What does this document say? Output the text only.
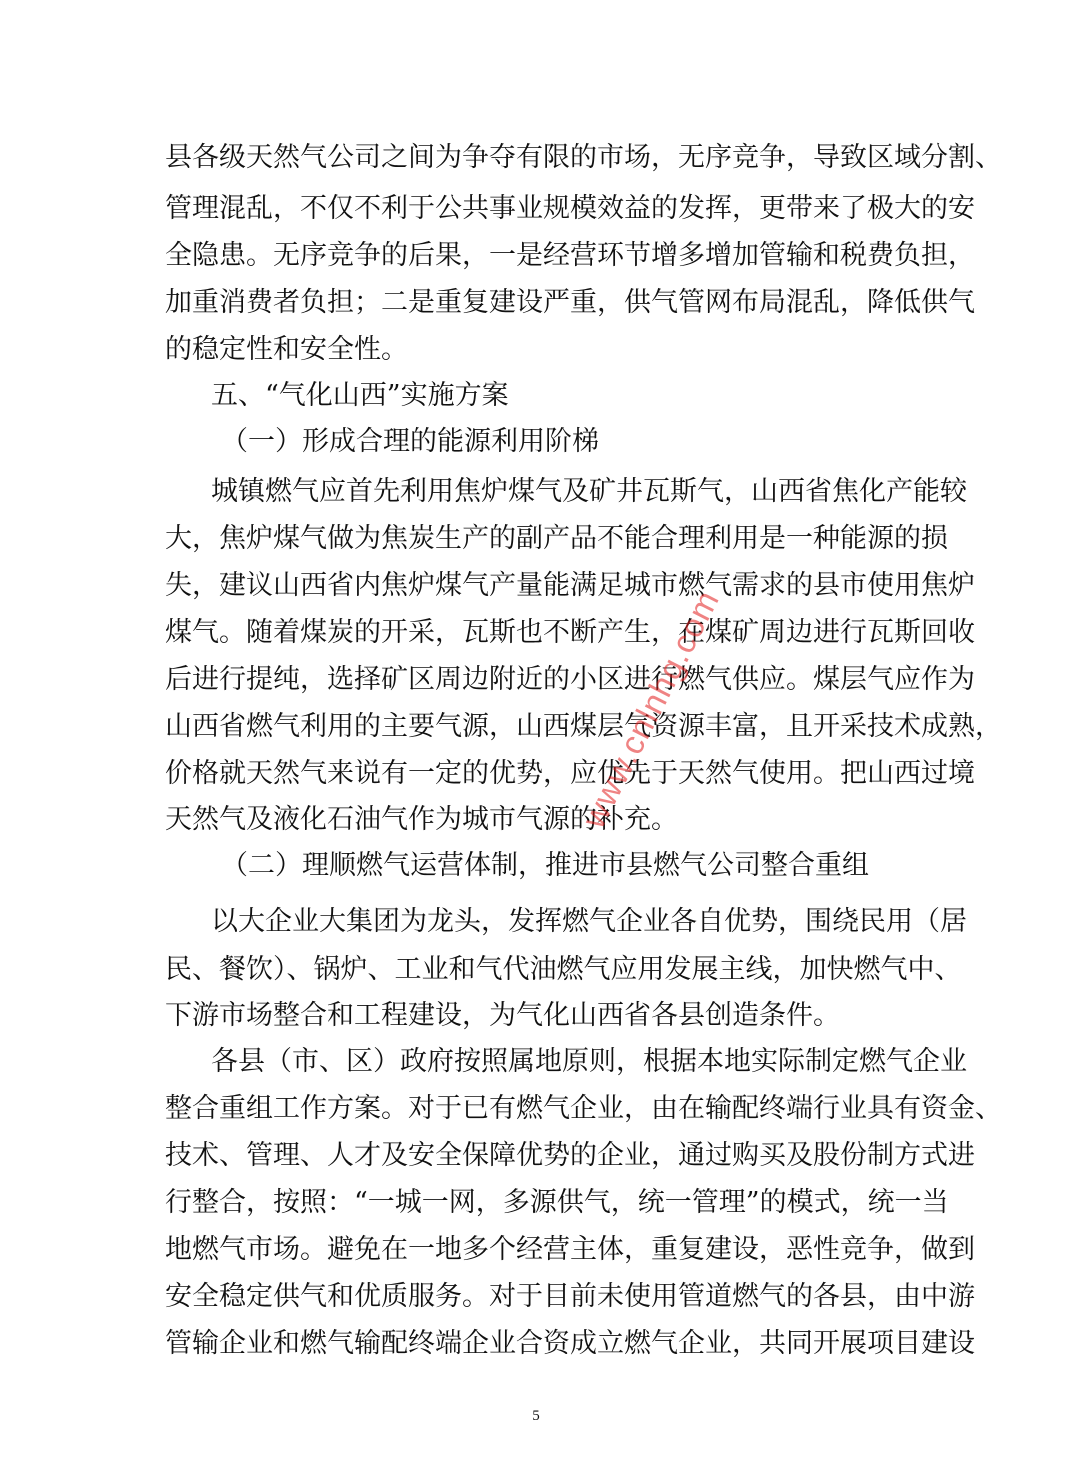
县各级天然气公司之间为争夺有限的市场，无序竞争，导致区域分割、
管理混乱，不仅不利于公共事业规模效益的发挥，更带来了极大的安
全隐患。无序竞争的后果，一是经营环节增多增加管输和税费负担，
加重消费者负担；二是重复建设严重，供气管网布局混乱，降低供气
的稳定性和安全性。
五、“气化山西”实施方案
（一）形成合理的能源利用阶梯
城镇燃气应首先利用焦炉煤气及矿井瓦斯气，山西省焦化产能较
大，焦炉煤气做为焦炭生产的副产品不能合理利用是一种能源的损
失，建议山西省内焦炉煤气产量能满足城市燃气需求的县市使用焦炉
煤气。随着煤炭的开采，瓦斯也不断产生，在煤矿周边进行瓦斯回收
后进行提纯，选择矿区周边附近的小区进行燃气供应。煤层气应作为
山西省燃气利用的主要气源，山西煤层气资源丰富，且开采技术成熟，
价格就天然气来说有一定的优势，应优先于天然气使用。把山西过境
天然气及液化石油气作为城市气源的补充。
（二）理顺燃气运营体制，推进市县燃气公司整合重组
以大企业大集团为龙头，发挥燃气企业各自优势，围绕民用（居
民、餐饮）、锅炉、工业和气代油燃气应用发展主线，加快燃气中、
下游市场整合和工程建设，为气化山西省各县创造条件。
各县（市、区）政府按照属地原则，根据本地实际制定燃气企业
整合重组工作方案。对于已有燃气企业，由在输配终端行业具有资金、
技术、管理、人才及安全保障优势的企业，通过购买及股份制方式进
行整合，按照：“一城一网，多源供气，统一管理”的模式，统一当
地燃气市场。避免在一地多个经营主体，重复建设，恶性竞争，做到
安全稳定供气和优质服务。对于目前未使用管道燃气的各县，由中游
管输企业和燃气输配终端企业合资成立燃气企业，共同开展项目建设
www.cnlnhg.com
5
